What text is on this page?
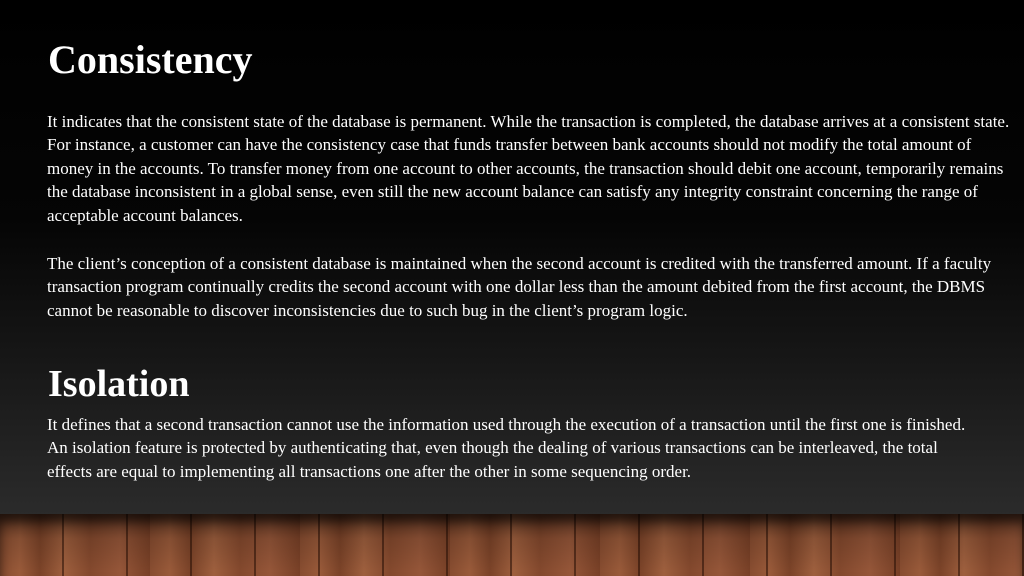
Consistency

It indicates that the consistent state of the database is permanent. While the transaction is completed, the database arrives at a consistent state. For instance, a customer can have the consistency case that funds transfer between bank accounts should not modify the total amount of money in the accounts. To transfer money from one account to other accounts, the transaction should debit one account, temporarily remains the database inconsistent in a global sense, even still the new account balance can satisfy any integrity constraint concerning the range of acceptable account balances.

The client’s conception of a consistent database is maintained when the second account is credited with the transferred amount. If a faculty transaction program continually credits the second account with one dollar less than the amount debited from the first account, the DBMS cannot be reasonable to discover inconsistencies due to such bug in the client’s program logic.

Isolation

It defines that a second transaction cannot use the information used through the execution of a transaction until the first one is finished. An isolation feature is protected by authenticating that, even though the dealing of various transactions can be interleaved, the total effects are equal to implementing all transactions one after the other in some sequencing order.
